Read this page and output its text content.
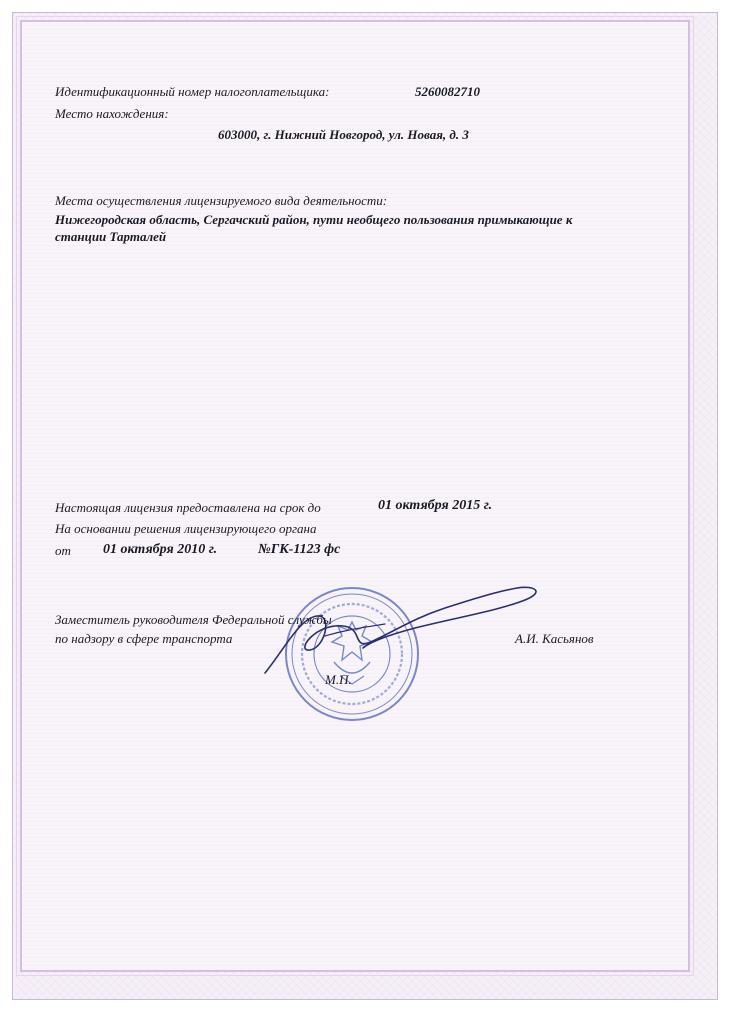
Идентификационный номер налогоплательщика:	5260082710
Место нахождения:
603000, г. Нижний Новгород, ул. Новая, д. 3
Места осуществления лицензируемого вида деятельности:
Нижегородская область, Сергачский район, пути необщего пользования примыкающие к
станции Тарталей
Настоящая лицензия предоставлена на срок до	01 октября 2015 г.
На основании решения лицензирующего органа
от 01 октября 2010 г.	№ГК-1123 фс
Заместитель руководителя Федеральной службы
по надзору в сфере транспорта	А.И. Касьянов
М.П.
